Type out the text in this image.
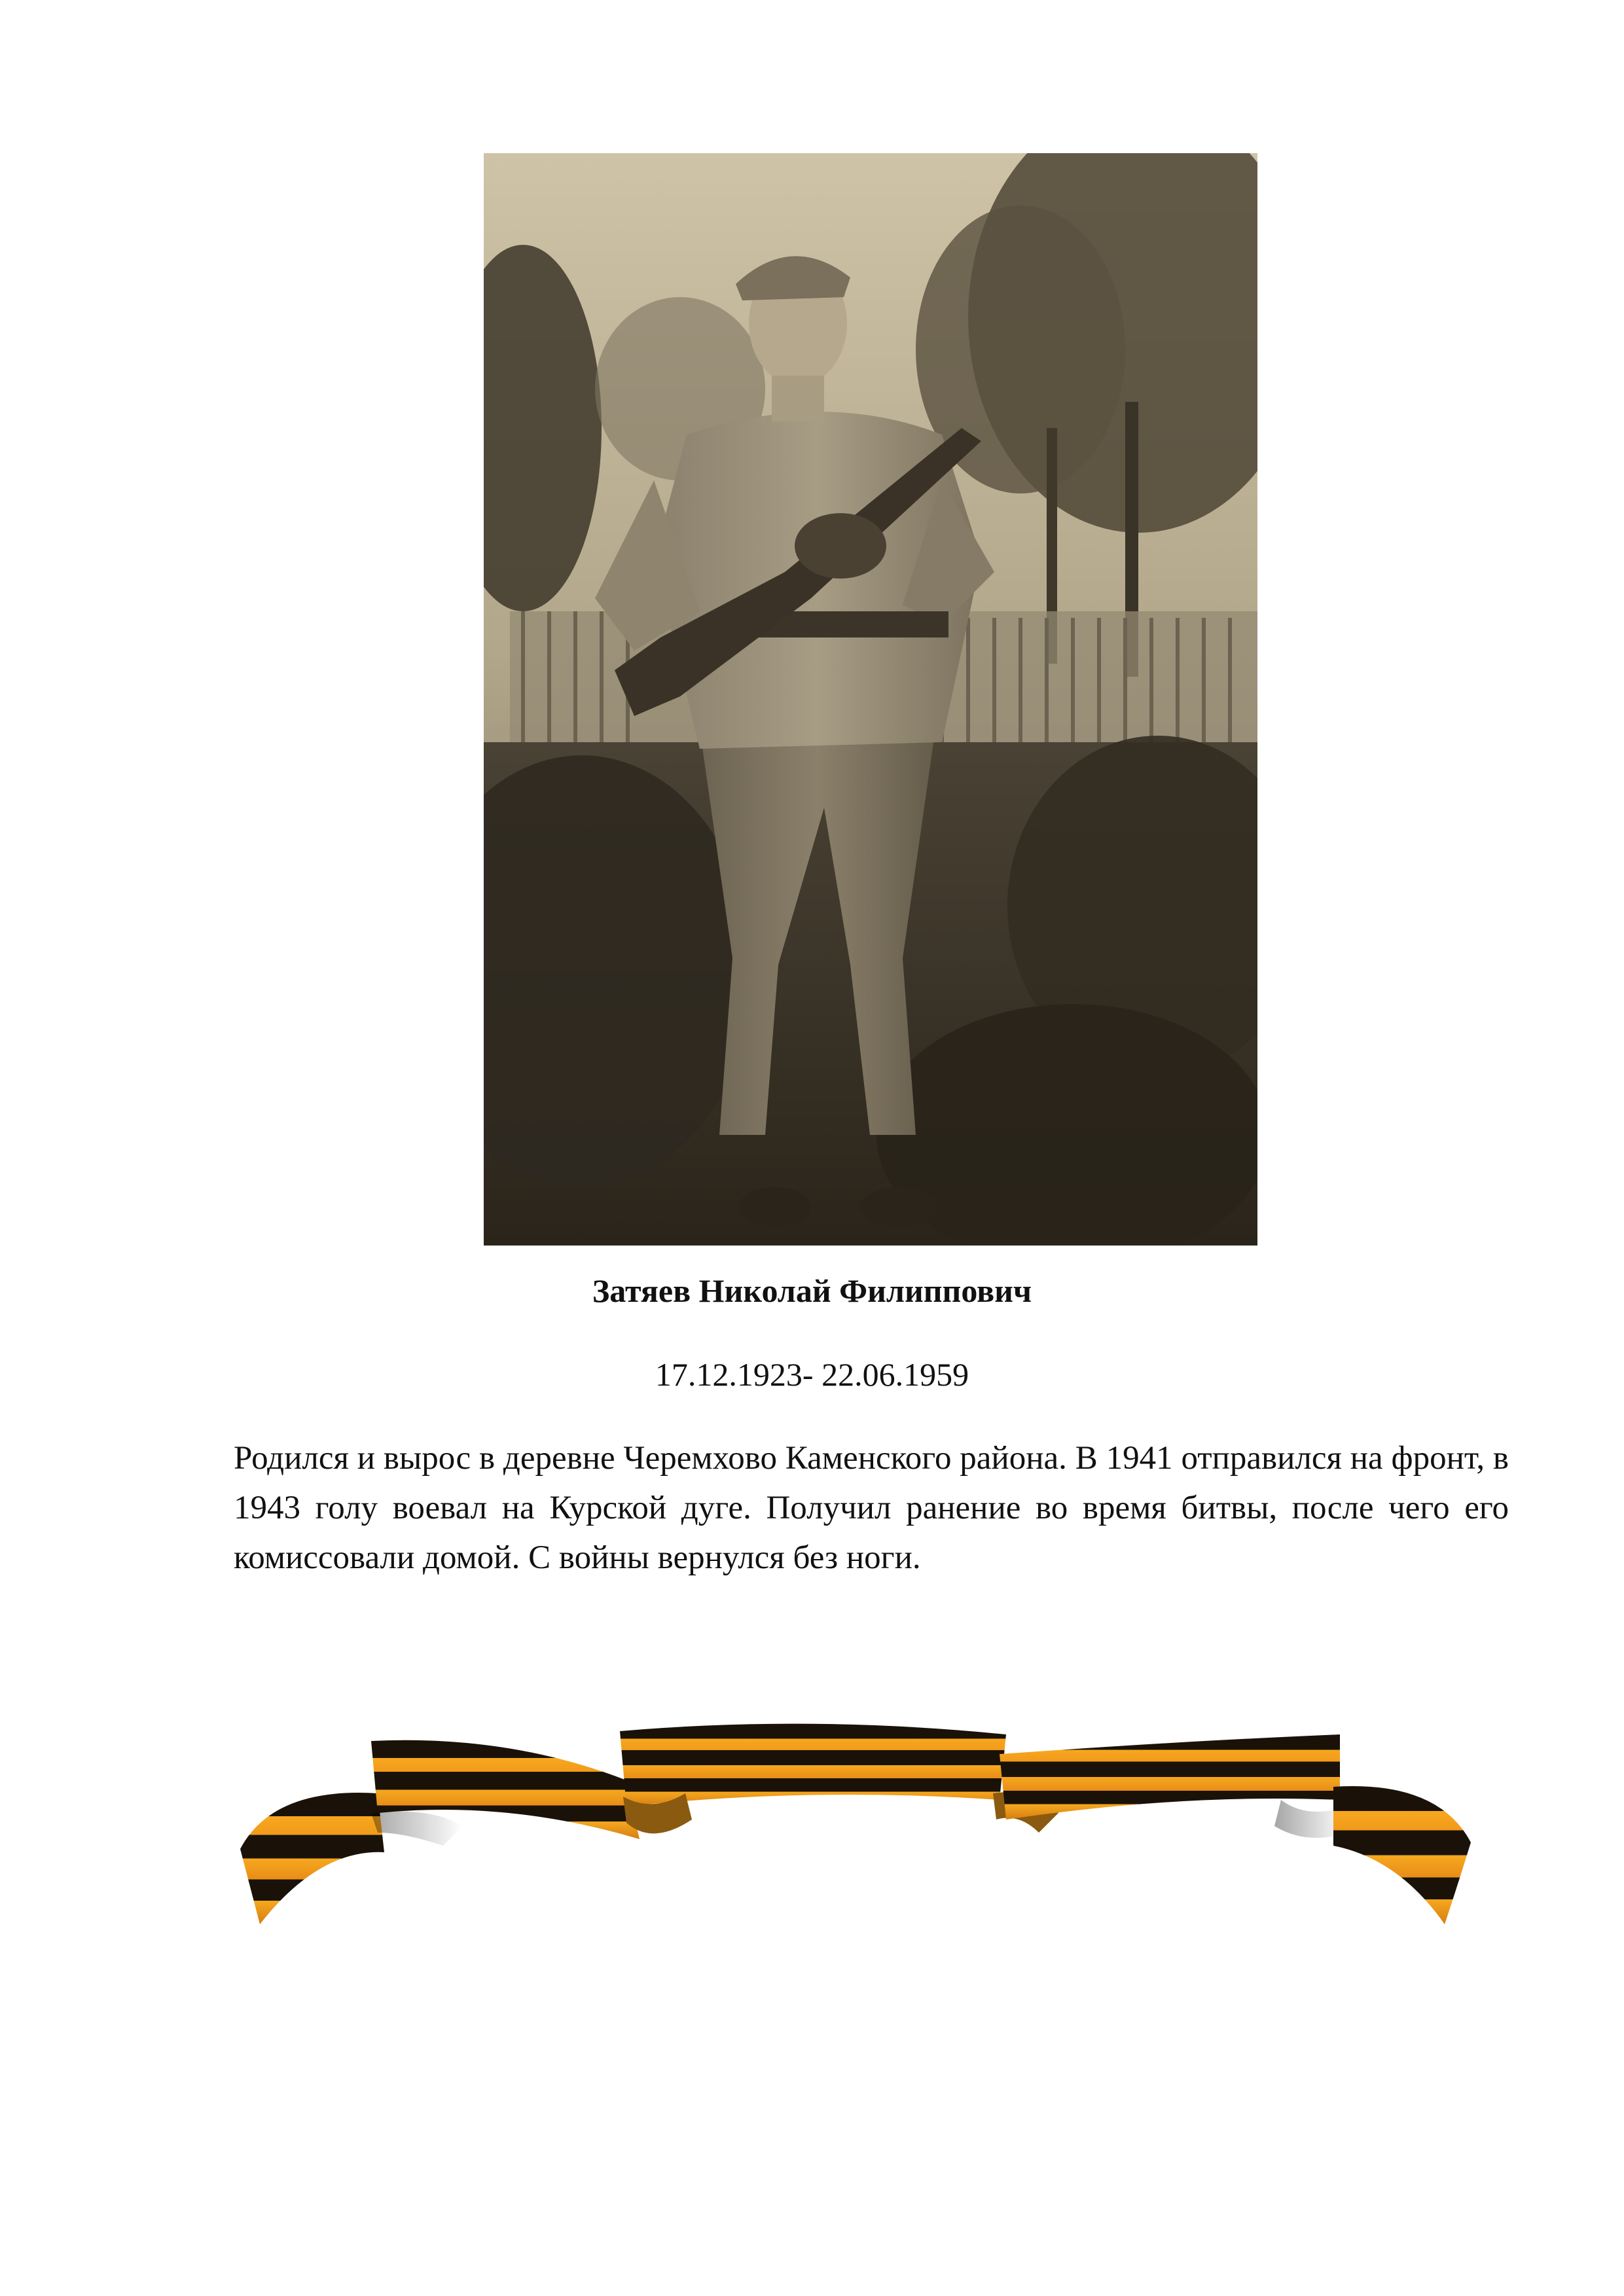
Затяев Николай Филиппович

17.12.1923- 22.06.1959

Родился и вырос в деревне Черемхово Каменского района. В 1941 отправился на фронт, в 1943 голу воевал на Курской дуге. Получил ранение во время битвы, после чего его комиссовали домой. С войны вернулся без ноги.
